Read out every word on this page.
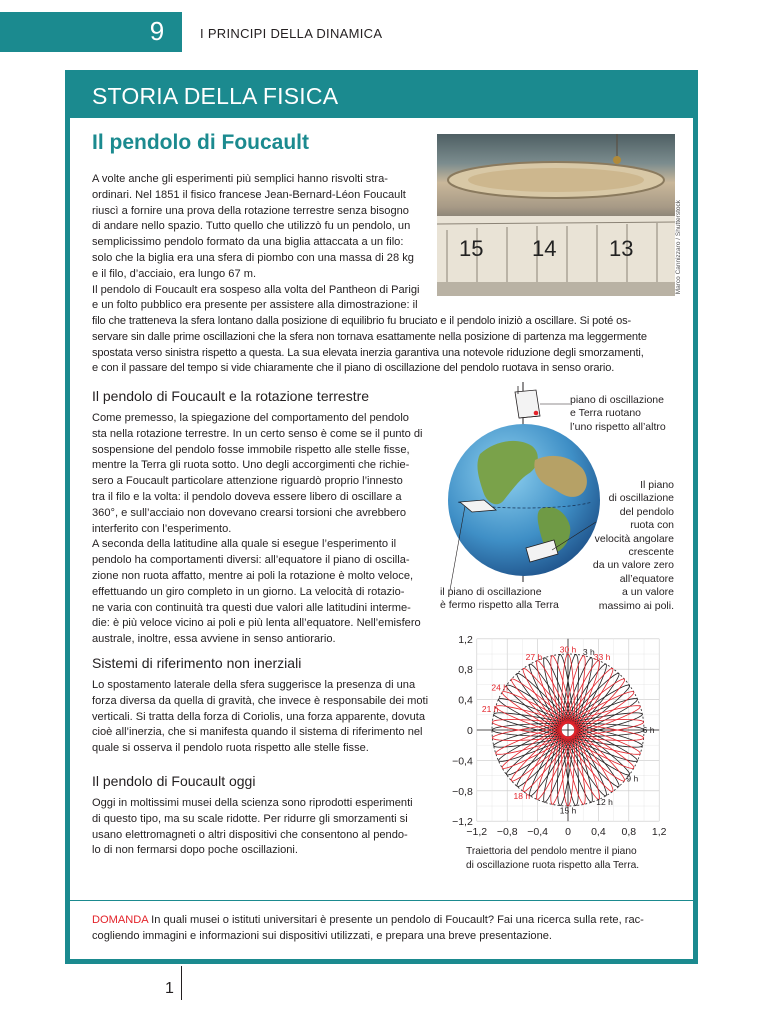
9	I PRINCIPI DELLA DINAMICA
STORIA DELLA FISICA
Il pendolo di Foucault
15 14 13	Marco Cannizzaro / Shutterstock

A volte anche gli esperimenti più semplici hanno risvolti stra-

ordinari. Nel 1851 il fisico francese Jean-Bernard-Léon Foucault

riuscì a fornire una prova della rotazione terrestre senza bisogno

di andare nello spazio. Tutto quello che utilizzò fu un pendolo, un

semplicissimo pendolo formato da una biglia attaccata a un filo:

solo che la biglia era una sfera di piombo con una massa di 28 kg

e il filo, d’acciaio, era lungo 67 m.

Il pendolo di Foucault era sospeso alla volta del Pantheon di Parigi

e un folto pubblico era presente per assistere alla dimostrazione: il

filo che tratteneva la sfera lontano dalla posizione di equilibrio fu bruciato e il pendolo iniziò a oscillare. Si poté os-

servare sin dalle prime oscillazioni che la sfera non tornava esattamente nella posizione di partenza ma leggermente

spostata verso sinistra rispetto a questa. La sua elevata inerzia garantiva una notevole riduzione degli smorzamenti,

e con il passare del tempo si vide chiaramente che il piano di oscillazione del pendolo ruotava in senso orario.

Il pendolo di Foucault e la rotazione terrestre

Come premesso, la spiegazione del comportamento del pendolo

sta nella rotazione terrestre. In un certo senso è come se il punto di

sospensione del pendolo fosse immobile rispetto alle stelle fisse,

mentre la Terra gli ruota sotto. Uno degli accorgimenti che richie-

sero a Foucault particolare attenzione riguardò proprio l’innesto

tra il filo e la volta: il pendolo doveva essere libero di oscillare a

360°, e sull’acciaio non dovevano crearsi torsioni che avrebbero

interferito con l’esperimento.

A seconda della latitudine alla quale si esegue l’esperimento il

pendolo ha comportamenti diversi: all’equatore il piano di oscilla-

zione non ruota affatto, mentre ai poli la rotazione è molto veloce,

effettuando un giro completo in un giorno. La velocità di rotazio-

ne varia con continuità tra questi due valori alle latitudini interme-

die: è più veloce vicino ai poli e più lenta all’equatore. Nell’emisfero

australe, inoltre, essa avviene in senso antiorario.

Sistemi di riferimento non inerziali

Lo spostamento laterale della sfera suggerisce la presenza di una

forza diversa da quella di gravità, che invece è responsabile dei moti

verticali. Si tratta della forza di Coriolis, una forza apparente, dovuta

cioè all’inerzia, che si manifesta quando il sistema di riferimento nel

quale si osserva il pendolo ruota rispetto alle stelle fisse.

Il pendolo di Foucault oggi

Oggi in moltissimi musei della scienza sono riprodotti esperimenti

di questo tipo, ma su scale ridotte. Per ridurre gli smorzamenti si

usano elettromagneti o altri dispositivi che consentono al pendo-

lo di non fermarsi dopo poche oscillazioni.

piano di oscillazione
e Terra ruotano
l’uno rispetto all’altro
Il piano
di oscillazione
del pendolo
ruota con
velocità angolare
crescente
da un valore zero
all’equatore
a un valore
massimo ai poli.
il piano di oscillazione
è fermo rispetto alla Terra
−1,2 −0,8 −0,4 0 0,4 0,8 1,2
1,2
0,8
0,4
0
−0,4
−0,8
−1,2
3 h
6 h
9 h
12 h
15 h
18 h
21 h
24 h
27 h
30 h
33 h
Traiettoria del pendolo mentre il piano
di oscillazione ruota rispetto alla Terra.
DOMANDA In quali musei o istituti universitari è presente un pendolo di Foucault? Fai una ricerca sulla rete, rac-
cogliendo immagini e informazioni sui dispositivi utilizzati, e prepara una breve presentazione.
1
